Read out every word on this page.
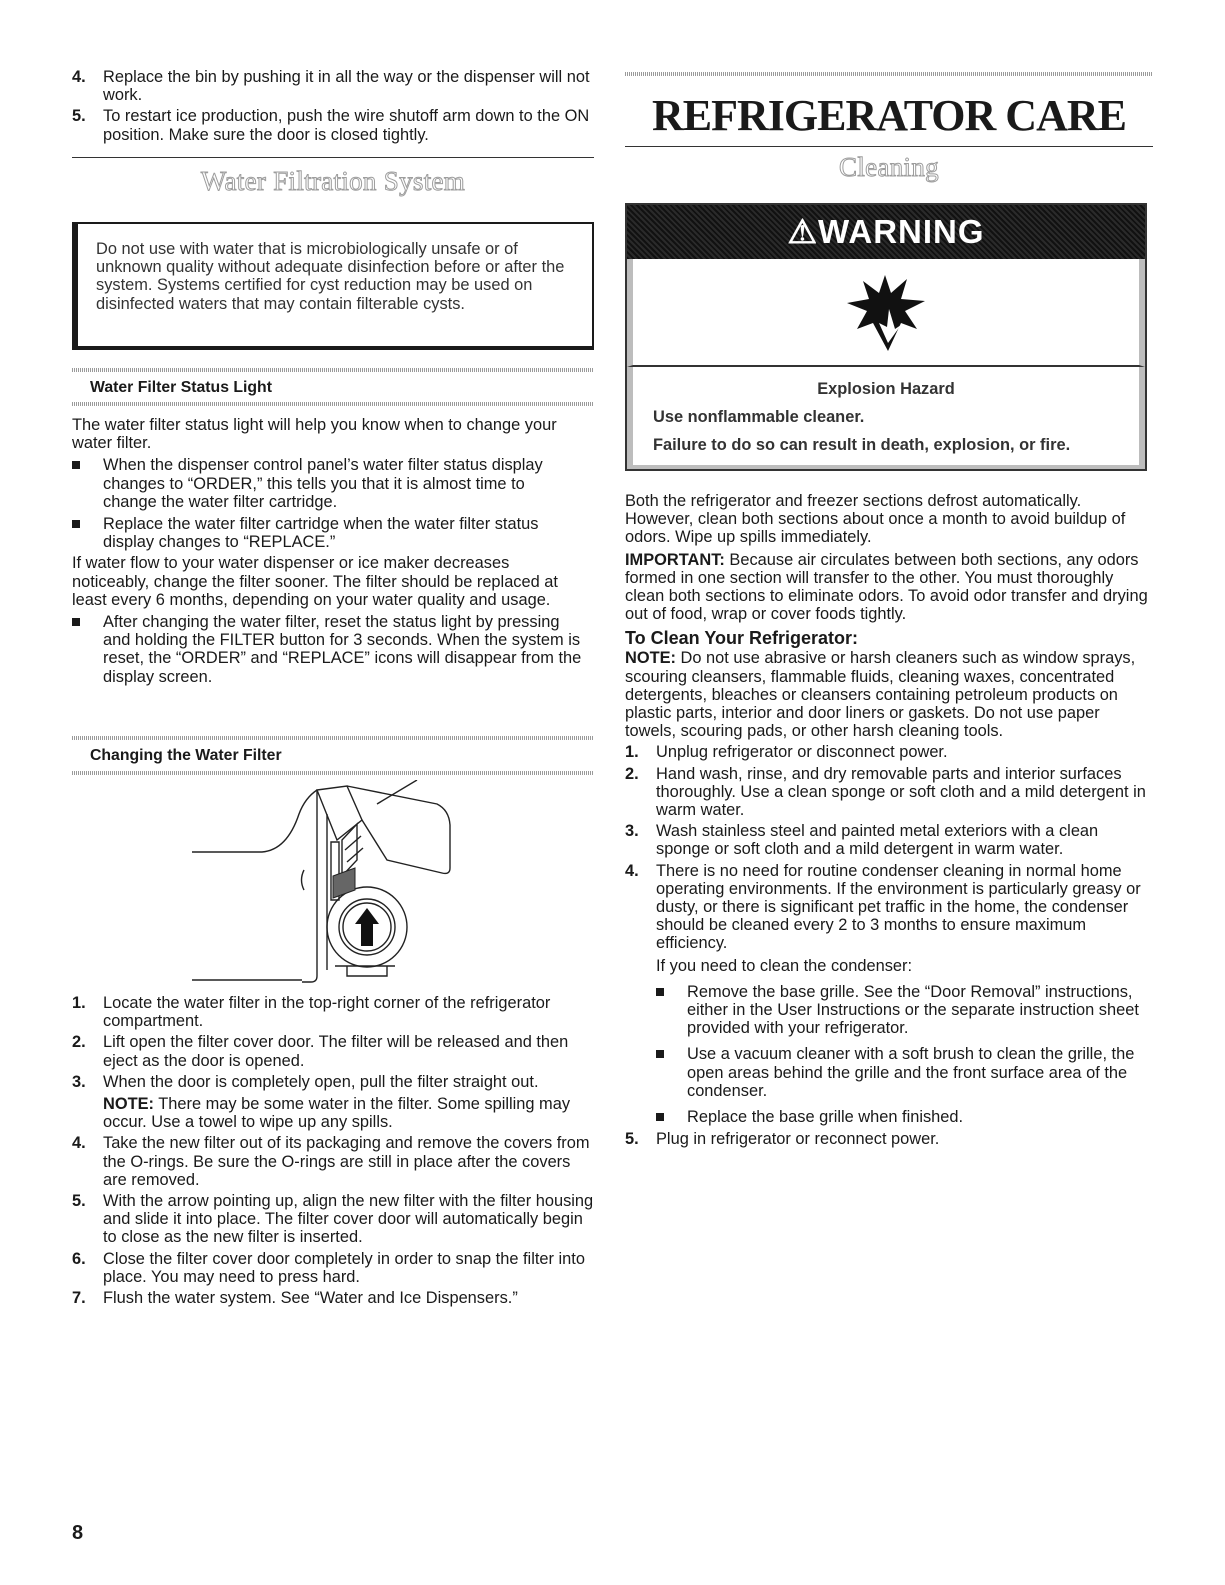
4. Replace the bin by pushing it in all the way or the dispenser will not work.
5. To restart ice production, push the wire shutoff arm down to the ON position. Make sure the door is closed tightly.
Water Filtration System
Do not use with water that is microbiologically unsafe or of unknown quality without adequate disinfection before or after the system. Systems certified for cyst reduction may be used on disinfected waters that may contain filterable cysts.
Water Filter Status Light
The water filter status light will help you know when to change your water filter.
When the dispenser control panel’s water filter status display changes to “ORDER,” this tells you that it is almost time to change the water filter cartridge.
Replace the water filter cartridge when the water filter status display changes to “REPLACE.”
If water flow to your water dispenser or ice maker decreases noticeably, change the filter sooner. The filter should be replaced at least every 6 months, depending on your water quality and usage.
After changing the water filter, reset the status light by pressing and holding the FILTER button for 3 seconds. When the system is reset, the “ORDER” and “REPLACE” icons will disappear from the display screen.
Changing the Water Filter
1. Locate the water filter in the top-right corner of the refrigerator compartment.
2. Lift open the filter cover door. The filter will be released and then eject as the door is opened.
3. When the door is completely open, pull the filter straight out.
NOTE: There may be some water in the filter. Some spilling may occur. Use a towel to wipe up any spills.
4. Take the new filter out of its packaging and remove the covers from the O-rings. Be sure the O-rings are still in place after the covers are removed.
5. With the arrow pointing up, align the new filter with the filter housing and slide it into place. The filter cover door will automatically begin to close as the new filter is inserted.
6. Close the filter cover door completely in order to snap the filter into place. You may need to press hard.
7. Flush the water system. See “Water and Ice Dispensers.”
8
REFRIGERATOR CARE
Cleaning
⚠WARNING
Explosion Hazard
Use nonflammable cleaner.
Failure to do so can result in death, explosion, or fire.
Both the refrigerator and freezer sections defrost automatically. However, clean both sections about once a month to avoid buildup of odors. Wipe up spills immediately.
IMPORTANT: Because air circulates between both sections, any odors formed in one section will transfer to the other. You must thoroughly clean both sections to eliminate odors. To avoid odor transfer and drying out of food, wrap or cover foods tightly.
To Clean Your Refrigerator:
NOTE: Do not use abrasive or harsh cleaners such as window sprays, scouring cleansers, flammable fluids, cleaning waxes, concentrated detergents, bleaches or cleansers containing petroleum products on plastic parts, interior and door liners or gaskets. Do not use paper towels, scouring pads, or other harsh cleaning tools.
1. Unplug refrigerator or disconnect power.
2. Hand wash, rinse, and dry removable parts and interior surfaces thoroughly. Use a clean sponge or soft cloth and a mild detergent in warm water.
3. Wash stainless steel and painted metal exteriors with a clean sponge or soft cloth and a mild detergent in warm water.
4. There is no need for routine condenser cleaning in normal home operating environments. If the environment is particularly greasy or dusty, or there is significant pet traffic in the home, the condenser should be cleaned every 2 to 3 months to ensure maximum efficiency.
If you need to clean the condenser:
Remove the base grille. See the “Door Removal” instructions, either in the User Instructions or the separate instruction sheet provided with your refrigerator.
Use a vacuum cleaner with a soft brush to clean the grille, the open areas behind the grille and the front surface area of the condenser.
Replace the base grille when finished.
5. Plug in refrigerator or reconnect power.
